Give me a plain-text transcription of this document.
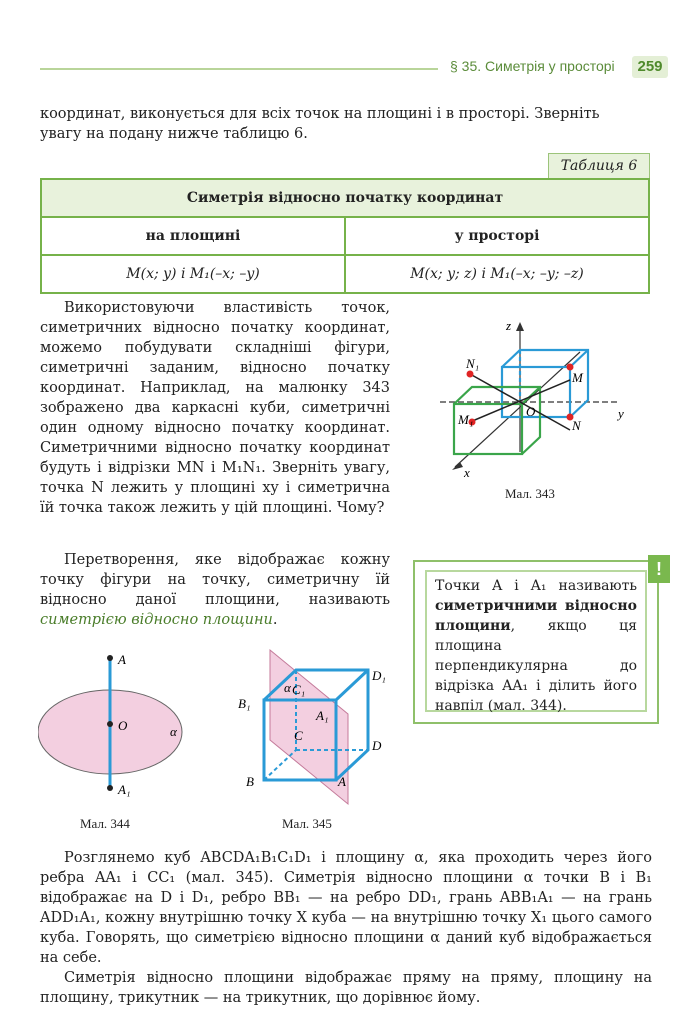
§ 35. Симетрія у просторі	259
координат, виконується для всіх точок на площині і в просторі. Зверніть
увагу на подану нижче таблицю 6.
Таблиця 6
Симетрія відносно початку координат	
на площині	у просторі
M(x; y) і M₁(–x; –y)	M(x; y; z) і M₁(–x; –y; –z)
Використовуючи властивість точок, симетричних відносно початку координат, можемо побудувати складніші фігури, симетричні заданим, відносно початку координат. Наприклад, на малюнку 343 зображено два каркасні куби, симетричні один одному відносно початку координат. Симетричними відносно початку координат будуть і відрізки MN і M₁N₁. Зверніть увагу, точка N лежить у площині xy і симетрична їй точка також лежить у цій площині. Чому?
Перетворення, яке відображає кожну точку фігури на точку, симетричну їй відносно даної площини, називають симетрією відносно площини.
z
y
x
N₁
M
O
M₁	N
Мал. 343
Точки A і A₁ називають симетричними відносно площини, якщо ця площина перпендикулярна до відрізка AA₁ і ділить його навпіл (мал. 344).
!
A
O	α
A₁
Мал. 344
α
D₁
B₁
C₁
A₁
C
D
B	A
Мал. 345
Розглянемо куб ABCDA₁B₁C₁D₁ і площину α, яка проходить через його ребра AA₁ і CC₁ (мал. 345). Симетрія відносно площини α точки B і B₁ відображає на D і D₁, ребро BB₁ — на ребро DD₁, грань ABB₁A₁ — на грань ADD₁A₁, кожну внутрішню точку X куба — на внутрішню точку X₁ цього самого куба. Говорять, що симетрією відносно площини α даний куб відображається на себе.
Симетрія відносно площини відображає пряму на пряму, площину на площину, трикутник — на трикутник, що дорівнює йому.
